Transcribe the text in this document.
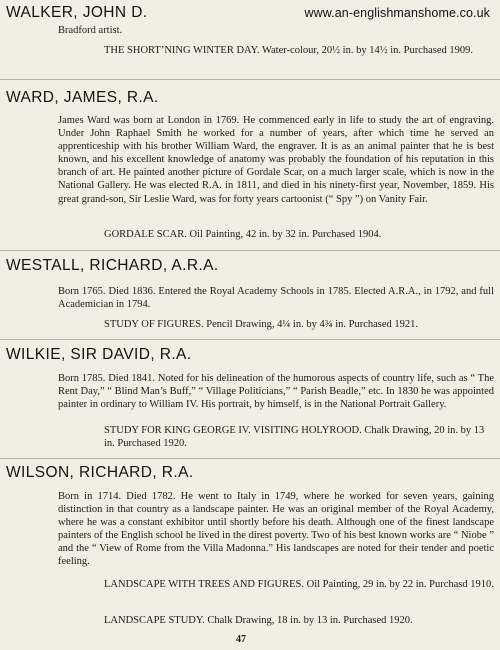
www.an-englishmanshome.co.uk
WALKER, JOHN D.

Bradford artist.

THE SHORT’NING WINTER DAY. Water-colour, 20½ in. by 14½ in. Purchased 1909.

WARD, JAMES, R.A.

James Ward was born at London in 1769. He commenced early in life to study the art of engraving. Under John Raphael Smith he worked for a number of years, after which time he served an apprenticeship with his brother William Ward, the engraver. It is as an animal painter that he is best known, and his excellent knowledge of anatomy was probably the foundation of his reputation in this branch of art. He painted another picture of Gordale Scar, on a much larger scale, which is now in the National Gallery. He was elected R.A. in 1811, and died in his ninety-first year, November, 1859. His great grand-son, Sir Leslie Ward, was for forty years cartoonist (“ Spy ”) on Vanity Fair.

GORDALE SCAR. Oil Painting, 42 in. by 32 in. Purchased 1904.

WESTALL, RICHARD, A.R.A.

Born 1765. Died 1836. Entered the Royal Academy Schools in 1785. Elected A.R.A., in 1792, and full Academician in 1794.

STUDY OF FIGURES. Pencil Drawing, 4¼ in. by 4¾ in. Purchased 1921.

WILKIE, SIR DAVID, R.A.

Born 1785. Died 1841. Noted for his delineation of the humorous aspects of country life, such as “ The Rent Day,” “ Blind Man’s Buff,” “ Village Politicians,” “ Parish Beadle,” etc. In 1830 he was appointed painter in ordinary to William IV. His portrait, by himself, is in the National Portrait Gallery.

STUDY FOR KING GEORGE IV. VISITING HOLYROOD. Chalk Drawing, 20 in. by 13 in. Purchased 1920.

WILSON, RICHARD, R.A.

Born in 1714. Died 1782. He went to Italy in 1749, where he worked for seven years, gaining distinction in that country as a landscape painter. He was an original member of the Royal Academy, where he was a constant exhibitor until shortly before his death. Although one of the finest landscape painters of the English school he lived in the direst poverty. Two of his best known works are “ Niobe ” and the “ View of Rome from the Villa Madonna.” His landscapes are noted for their tender and poetic feeling.

LANDSCAPE WITH TREES AND FIGURES. Oil Painting, 29 in. by 22 in. Purchasd 1910.

LANDSCAPE STUDY. Chalk Drawing, 18 in. by 13 in. Purchased 1920.

47
